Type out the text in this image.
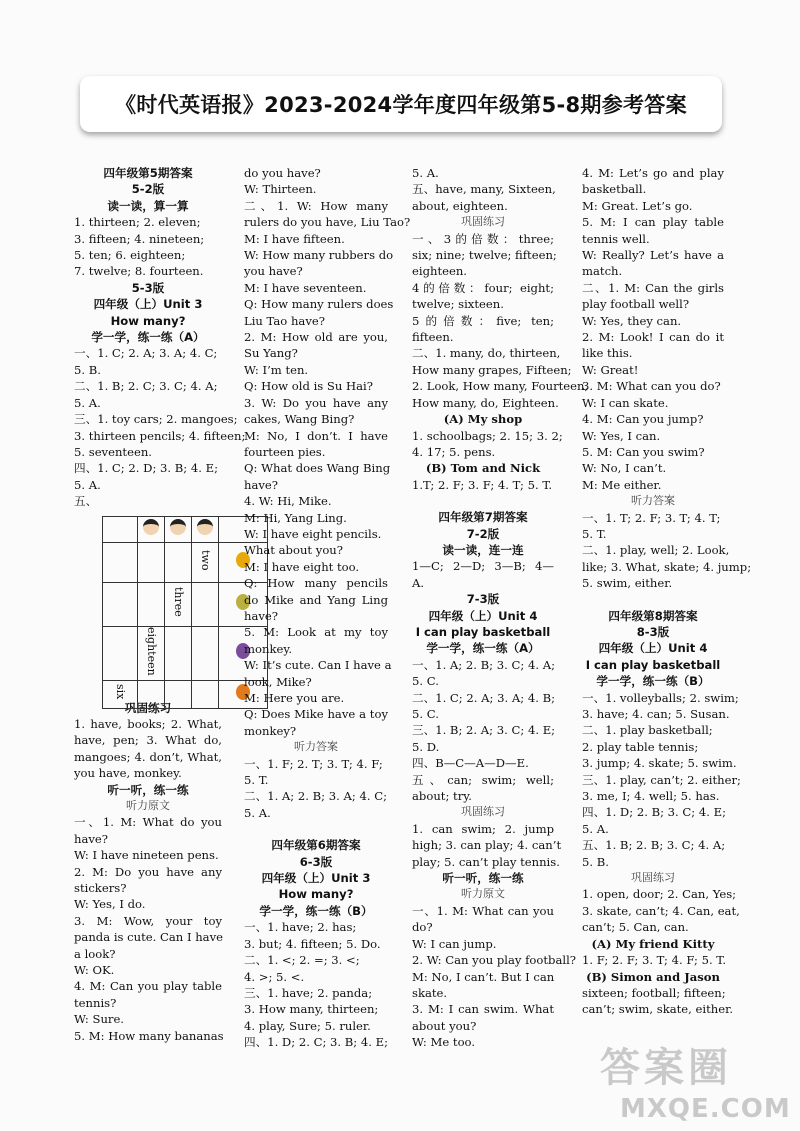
《时代英语报》2023-2024学年度四年级第5-8期参考答案
四年级第5期答案
5-2版
读一读，算一算
1. thirteen; 2. eleven;
3. fifteen; 4. nineteen;
5. ten; 6. eighteen;
7. twelve; 8. fourteen.
5-3版
四年级（上）Unit 3
How many?
学一学，练一练（A）
一、1. C; 2. A; 3. A; 4. C;
5. B.
二、1. B; 2. C; 3. C; 4. A;
5. A.
三、1. toy cars; 2. mangoes;
3. thirteen pencils; 4. fifteen;
5. seventeen.
四、1. C; 2. D; 3. B; 4. E;
5. A.
五、

			two	
		three		
	eighteen			
six				
巩固练习
1. have, books; 2. What,
have, pen; 3. What do,
mangoes; 4. don’t, What,
you have, monkey.
听一听，练一练
听力原文
一、1. M: What do you
have?
W: I have nineteen pens.
2. M: Do you have any
stickers?
W: Yes, I do.
3. M: Wow, your toy
panda is cute. Can I have
a look?
W: OK.
4. M: Can you play table
tennis?
W: Sure.
5. M: How many bananas
do you have?
W: Thirteen.
二、1. W: How many
rulers do you have, Liu Tao?
M: I have fifteen.
W: How many rubbers do
you have?
M: I have seventeen.
Q: How many rulers does
Liu Tao have?
2. M: How old are you,
Su Yang?
W: I’m ten.
Q: How old is Su Hai?
3. W: Do you have any
cakes, Wang Bing?
M: No, I don’t. I have
fourteen pies.
Q: What does Wang Bing
have?
4. W: Hi, Mike.
M: Hi, Yang Ling.
W: I have eight pencils.
What about you?
M: I have eight too.
Q: How many pencils
do Mike and Yang Ling
have?
5. M: Look at my toy
monkey.
W: It’s cute. Can I have a
look, Mike?
M: Here you are.
Q: Does Mike have a toy
monkey?
听力答案
一、1. F; 2. T; 3. T; 4. F;
5. T.
二、1. A; 2. B; 3. A; 4. C;
5. A.
四年级第6期答案
6-3版
四年级（上）Unit 3
How many?
学一学，练一练（B）
一、1. have; 2. has;
3. but; 4. fifteen; 5. Do.
二、1. <; 2. =; 3. <;
4. >; 5. <.
三、1. have; 2. panda;
3. How many, thirteen;
4. play, Sure; 5. ruler.
四、1. D; 2. C; 3. B; 4. E;
5. A.
五、have, many, Sixteen,
about, eighteen.
巩固练习
一、3的倍数：three;
six; nine; twelve; fifteen;
eighteen.
4的倍数：four; eight;
twelve; sixteen.
5的倍数：five; ten;
fifteen.
二、1. many, do, thirteen,
How many grapes, Fifteen;
2. Look, How many, Fourteen,
How many, do, Eighteen.
(A) My shop
1. schoolbags; 2. 15; 3. 2;
4. 17; 5. pens.
(B) Tom and Nick
1.T; 2. F; 3. F; 4. T; 5. T.
四年级第7期答案
7-2版
读一读，连一连
1—C; 2—D; 3—B; 4—
A.
7-3版
四年级（上）Unit 4
I can play basketball
学一学，练一练（A）
一、1. A; 2. B; 3. C; 4. A;
5. C.
二、1. C; 2. A; 3. A; 4. B;
5. C.
三、1. B; 2. A; 3. C; 4. E;
5. D.
四、B—C—A—D—E.
五、can; swim; well;
about; try.
巩固练习
1. can swim; 2. jump
high; 3. can play; 4. can’t
play; 5. can’t play tennis.
听一听，练一练
听力原文
一、1. M: What can you
do?
W: I can jump.
2. W: Can you play football?
M: No, I can’t. But I can
skate.
3. M: I can swim. What
about you?
W: Me too.
4. M: Let’s go and play
basketball.
M: Great. Let’s go.
5. M: I can play table
tennis well.
W: Really? Let’s have a
match.
二、1. M: Can the girls
play football well?
W: Yes, they can.
2. M: Look! I can do it
like this.
W: Great!
3. M: What can you do?
W: I can skate.
4. M: Can you jump?
W: Yes, I can.
5. M: Can you swim?
W: No, I can’t.
M: Me either.
听力答案
一、1. T; 2. F; 3. T; 4. T;
5. T.
二、1. play, well; 2. Look,
like; 3. What, skate; 4. jump;
5. swim, either.
四年级第8期答案
8-3版
四年级（上）Unit 4
I can play basketball
学一学，练一练（B）
一、1. volleyballs; 2. swim;
3. have; 4. can; 5. Susan.
二、1. play basketball;
2. play table tennis;
3. jump; 4. skate; 5. swim.
三、1. play, can’t; 2. either;
3. me, I; 4. well; 5. has.
四、1. D; 2. B; 3. C; 4. E;
5. A.
五、1. B; 2. B; 3. C; 4. A;
5. B.
巩固练习
1. open, door; 2. Can, Yes;
3. skate, can’t; 4. Can, eat,
can’t; 5. Can, can.
(A) My friend Kitty
1. F; 2. F; 3. T; 4. F; 5. T.
(B) Simon and Jason
sixteen; football; fifteen;
can’t; swim, skate, either.
答案圈
MXQE.COM
